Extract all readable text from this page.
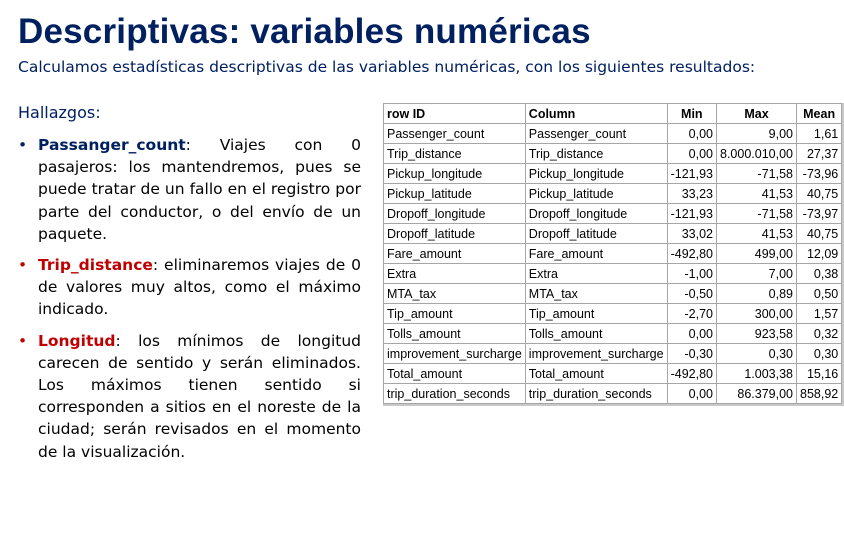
Descriptivas: variables numéricas
Calculamos estadísticas descriptivas de las variables numéricas, con los siguientes resultados:
Hallazgos:
• Passanger_count: Viajes con 0 pasajeros: los mantendremos, pues se puede tratar de un fallo en el registro por parte del conductor, o del envío de un paquete.
• Trip_distance: eliminaremos viajes de 0 de valores muy altos, como el máximo indicado.
• Longitud: los mínimos de longitud carecen de sentido y serán eliminados. Los máximos tienen sentido si corresponden a sitios en el noreste de la ciudad; serán revisados en el momento de la visualización.
row ID	Column	Min	Max	Mean
Passenger_count	Passenger_count	0,00	9,00	1,61
Trip_distance	Trip_distance	0,00	8.000.010,00	27,37
Pickup_longitude	Pickup_longitude	-121,93	-71,58	-73,96
Pickup_latitude	Pickup_latitude	33,23	41,53	40,75
Dropoff_longitude	Dropoff_longitude	-121,93	-71,58	-73,97
Dropoff_latitude	Dropoff_latitude	33,02	41,53	40,75
Fare_amount	Fare_amount	-492,80	499,00	12,09
Extra	Extra	-1,00	7,00	0,38
MTA_tax	MTA_tax	-0,50	0,89	0,50
Tip_amount	Tip_amount	-2,70	300,00	1,57
Tolls_amount	Tolls_amount	0,00	923,58	0,32
improvement_surcharge	improvement_surcharge	-0,30	0,30	0,30
Total_amount	Total_amount	-492,80	1.003,38	15,16
trip_duration_seconds	trip_duration_seconds	0,00	86.379,00	858,92
